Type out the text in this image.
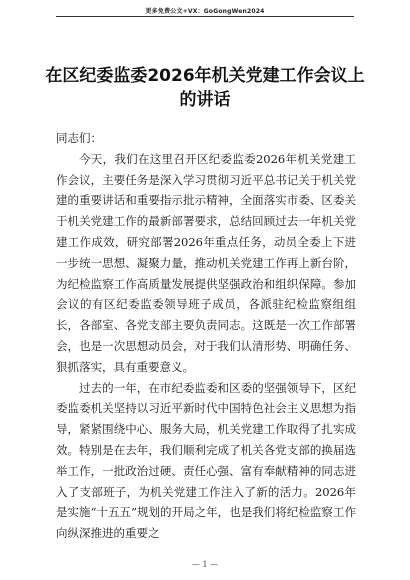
更多免费公文+VX：GoGongWen2024
在区纪委监委2026年机关党建工作会议上的讲话

同志们：

今天，我们在这里召开区纪委监委2026年机关党建工作会议，主要任务是深入学习贯彻习近平总书记关于机关党建的重要讲话和重要指示批示精神，全面落实市委、区委关于机关党建工作的最新部署要求，总结回顾过去一年机关党建工作成效，研究部署2026年重点任务，动员全委上下进一步统一思想、凝聚力量，推动机关党建工作再上新台阶，为纪检监察工作高质量发展提供坚强政治和组织保障。参加会议的有区纪委监委领导班子成员，各派驻纪检监察组组长，各部室、各党支部主要负责同志。这既是一次工作部署会，也是一次思想动员会，对于我们认清形势、明确任务、狠抓落实，具有重要意义。

过去的一年，在市纪委监委和区委的坚强领导下，区纪委监委机关坚持以习近平新时代中国特色社会主义思想为指导，紧紧围绕中心、服务大局，机关党建工作取得了扎实成效。特别是在去年，我们顺利完成了机关各党支部的换届选举工作，一批政治过硬、责任心强、富有奉献精神的同志进入了支部班子，为机关党建工作注入了新的活力。2026年是实施“十五五”规划的开局之年，也是我们将纪检监察工作向纵深推进的重要之

— 1 —
